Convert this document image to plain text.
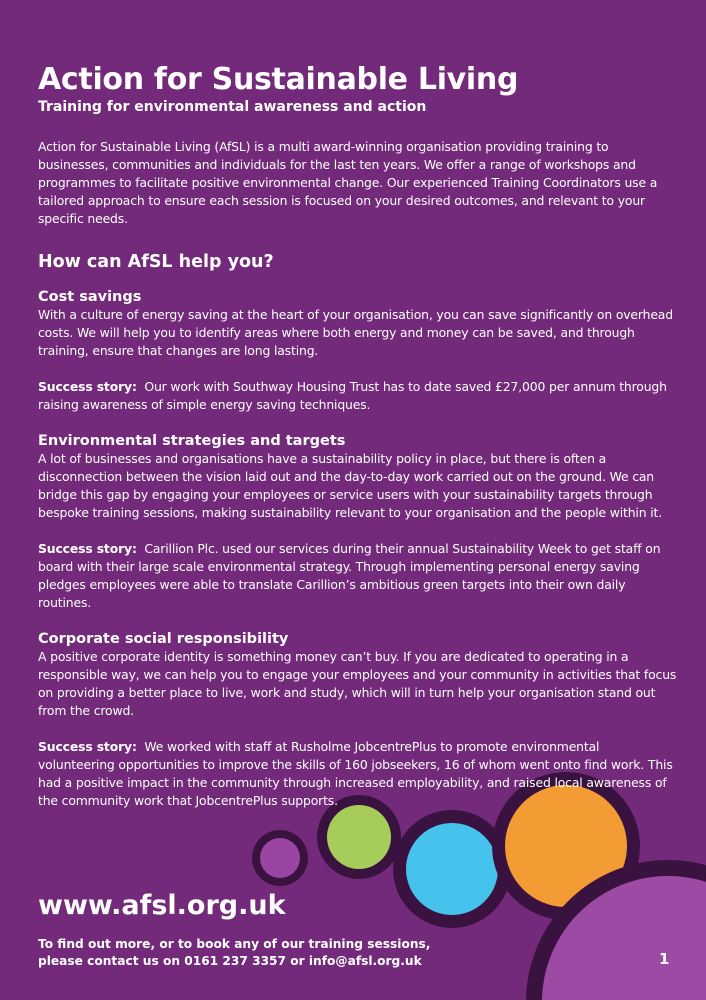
Action for Sustainable Living
Training for environmental awareness and action

Action for Sustainable Living (AfSL) is a multi award-winning organisation providing training to businesses, communities and individuals for the last ten years. We offer a range of workshops and programmes to facilitate positive environmental change. Our experienced Training Coordinators use a tailored approach to ensure each session is focused on your desired outcomes, and relevant to your specific needs.

How can AfSL help you?
Cost savings

With a culture of energy saving at the heart of your organisation, you can save significantly on overhead costs. We will help you to identify areas where both energy and money can be saved, and through training, ensure that changes are long lasting.

Success story: Our work with Southway Housing Trust has to date saved £27,000 per annum through raising awareness of simple energy saving techniques.

Environmental strategies and targets

A lot of businesses and organisations have a sustainability policy in place, but there is often a disconnection between the vision laid out and the day-to-day work carried out on the ground. We can bridge this gap by engaging your employees or service users with your sustainability targets through bespoke training sessions, making sustainability relevant to your organisation and the people within it.

Success story: Carillion Plc. used our services during their annual Sustainability Week to get staff on board with their large scale environmental strategy. Through implementing personal energy saving pledges employees were able to translate Carillion’s ambitious green targets into their own daily routines.

Corporate social responsibility

A positive corporate identity is something money can’t buy. If you are dedicated to operating in a responsible way, we can help you to engage your employees and your community in activities that focus on providing a better place to live, work and study, which will in turn help your organisation stand out from the crowd.

Success story: We worked with staff at Rusholme JobcentrePlus to promote environmental volunteering opportunities to improve the skills of 160 jobseekers, 16 of whom went onto find work. This had a positive impact in the community through increased employability, and raised local awareness of the community work that JobcentrePlus supports.

www.afsl.org.uk
To find out more, or to book any of our training sessions,
please contact us on 0161 237 3357 or info@afsl.org.uk	1
